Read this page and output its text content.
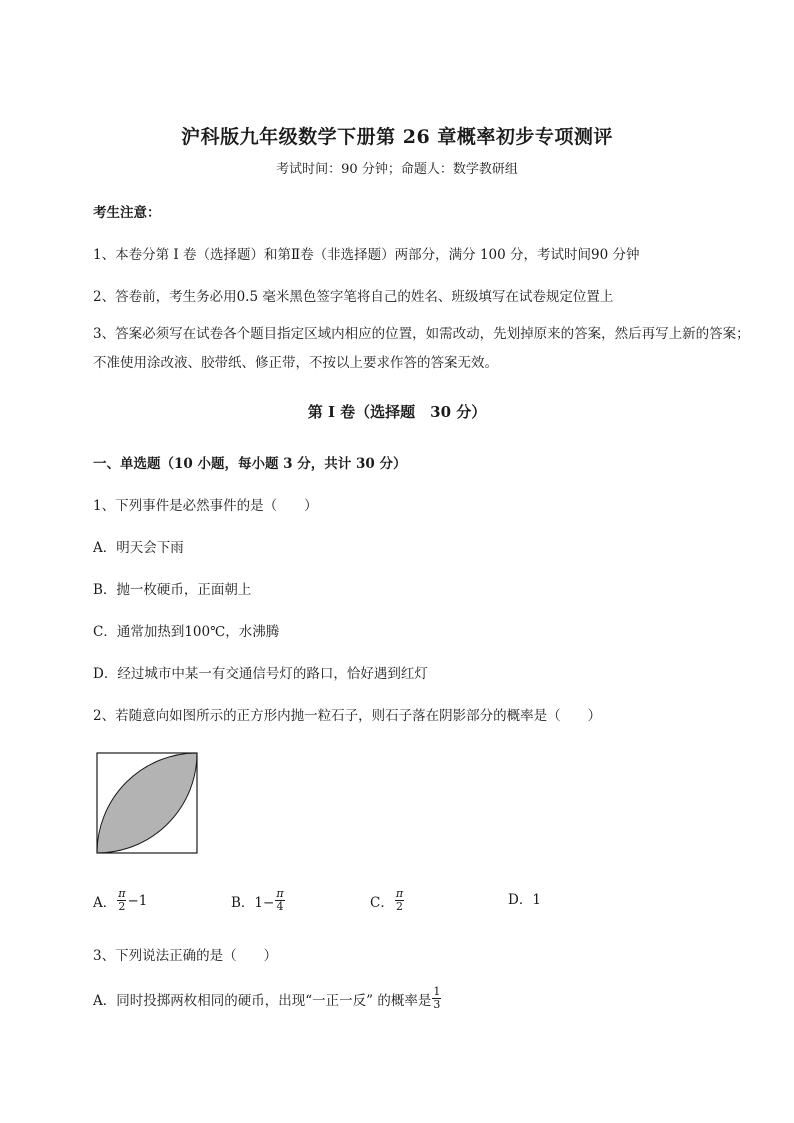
沪科版九年级数学下册第 26 章概率初步专项测评
考试时间：90 分钟；命题人：数学教研组
考生注意：
1、本卷分第 I 卷（选择题）和第Ⅱ卷（非选择题）两部分，满分 100 分，考试时间90 分钟
2、答卷前，考生务必用0.5 毫米黑色签字笔将自己的姓名、班级填写在试卷规定位置上
3、答案必须写在试卷各个题目指定区域内相应的位置，如需改动，先划掉原来的答案，然后再写上新的答案；不准使用涂改液、胶带纸、修正带，不按以上要求作答的答案无效。
第 I 卷（选择题　30 分）
一、单选题（10 小题，每小题 3 分，共计 30 分）
1、下列事件是必然事件的是（　　）
A．明天会下雨
B．抛一枚硬币，正面朝上
C．通常加热到100℃，水沸腾
D．经过城市中某一有交通信号灯的路口，恰好遇到红灯
2、若随意向如图所示的正方形内抛一粒石子，则石子落在阴影部分的概率是（　　）
A． $\frac{\pi}{2} -1$	B．$1- \frac{\pi}{4}$	C． $\frac{\pi}{2}$	D．1
3、下列说法正确的是（　　）
A．同时投掷两枚相同的硬币，出现“一正一反” 的概率是 $\frac{1}{3}$
